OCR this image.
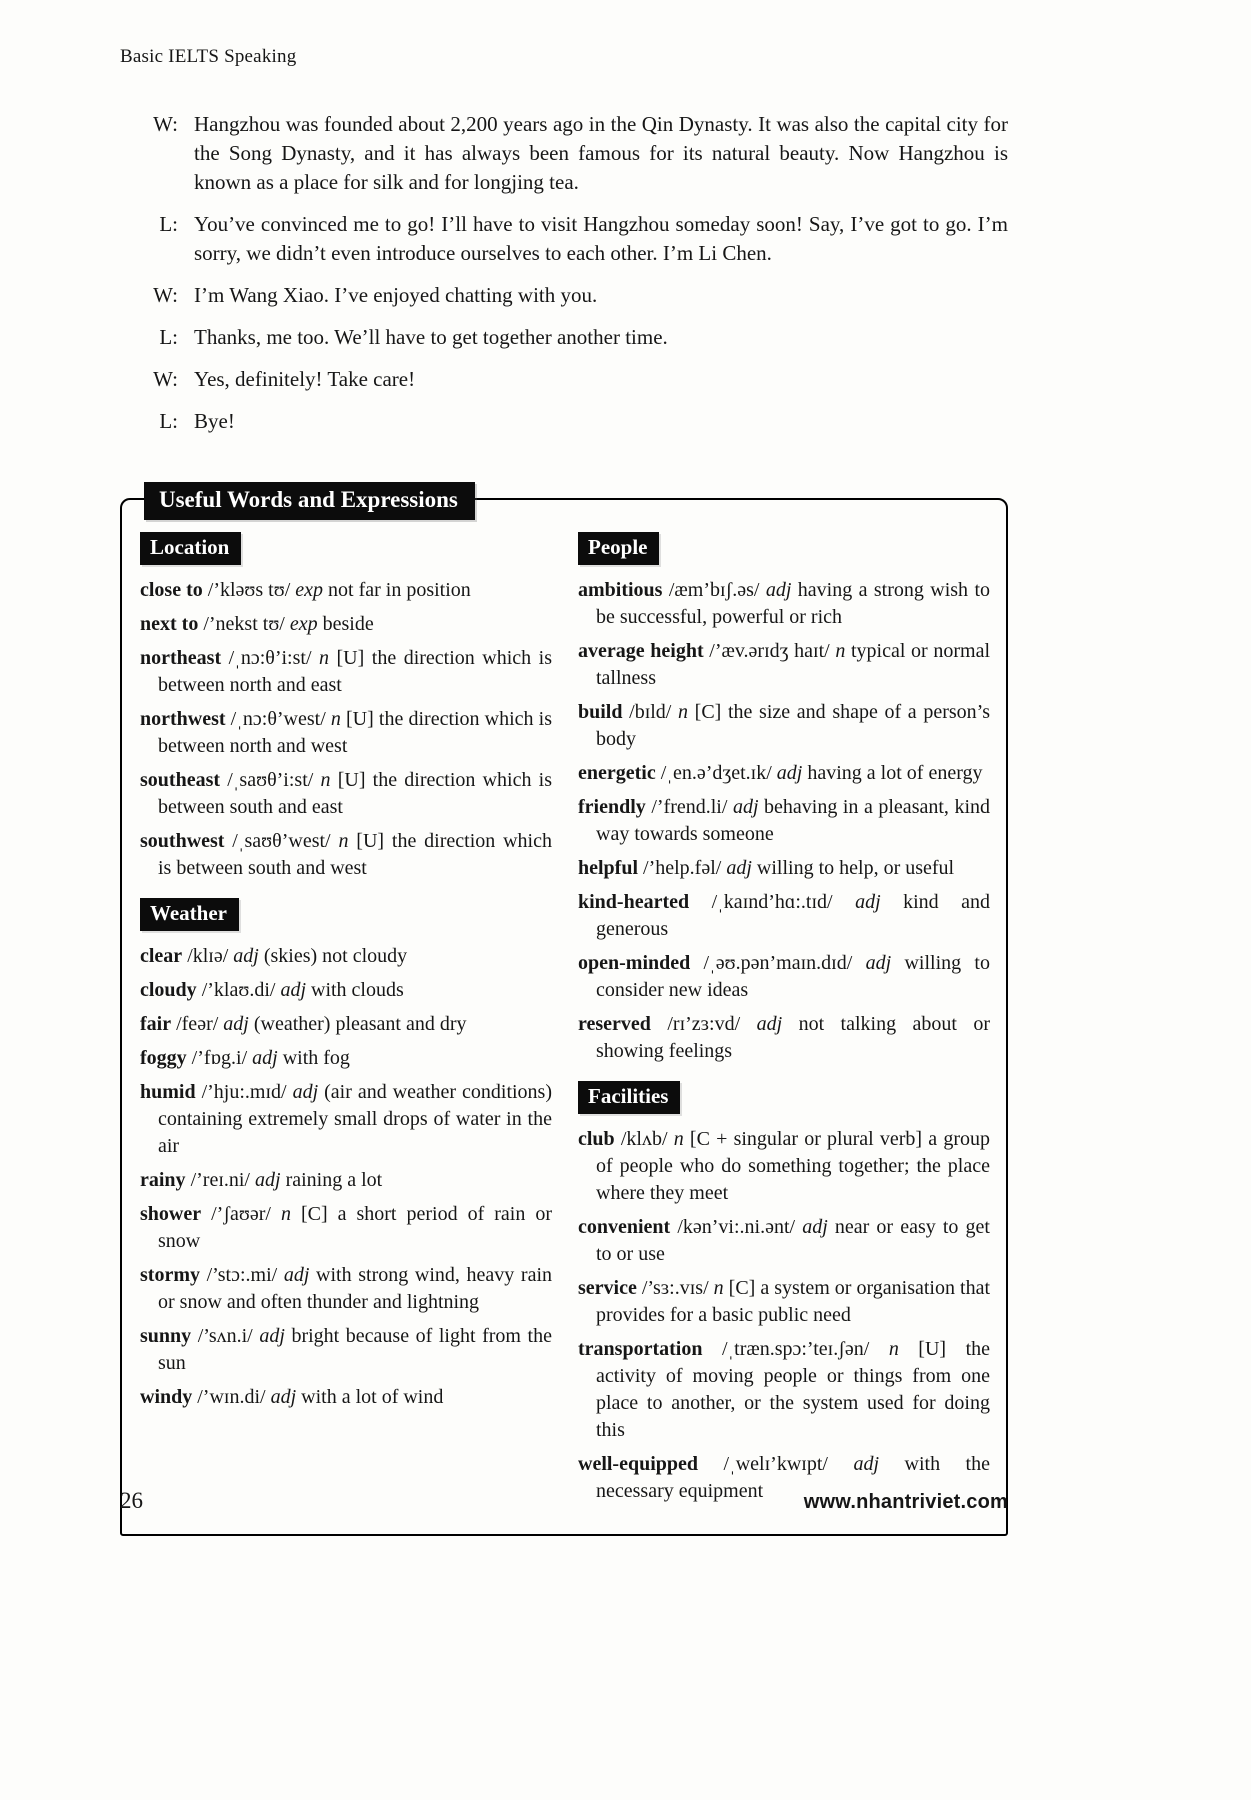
Basic IELTS Speaking
W: Hangzhou was founded about 2,200 years ago in the Qin Dynasty. It was also the capital city for the Song Dynasty, and it has always been famous for its natural beauty. Now Hangzhou is known as a place for silk and for longjing tea.
L: You’ve convinced me to go! I’ll have to visit Hangzhou someday soon! Say, I’ve got to go. I’m sorry, we didn’t even introduce ourselves to each other. I’m Li Chen.
W: I’m Wang Xiao. I’ve enjoyed chatting with you.
L: Thanks, me too. We’ll have to get together another time.
W: Yes, definitely! Take care!
L: Bye!
Useful Words and Expressions
Location
close to /’kləʊs tʊ/ exp not far in position
next to /’nekst tʊ/ exp beside
northeast /ˌnɔ:θ’i:st/ n [U] the direction which is between north and east
northwest /ˌnɔ:θ’west/ n [U] the direction which is between north and west
southeast /ˌsaʊθ’i:st/ n [U] the direction which is between south and east
southwest /ˌsaʊθ’west/ n [U] the direction which is between south and west
Weather
clear /klɪə/ adj (skies) not cloudy
cloudy /’klaʊ.di/ adj with clouds
fair /feər/ adj (weather) pleasant and dry
foggy /’fɒg.i/ adj with fog
humid /’hju:.mɪd/ adj (air and weather conditions) containing extremely small drops of water in the air
rainy /’reɪ.ni/ adj raining a lot
shower /’ʃaʊər/ n [C] a short period of rain or snow
stormy /’stɔ:.mi/ adj with strong wind, heavy rain or snow and often thunder and lightning
sunny /’sʌn.i/ adj bright because of light from the sun
windy /’wɪn.di/ adj with a lot of wind
People
ambitious /æm’bɪʃ.əs/ adj having a strong wish to be successful, powerful or rich
average height /’æv.ərɪdʒ haɪt/ n typical or normal tallness
build /bɪld/ n [C] the size and shape of a person’s body
energetic /ˌen.ə’dʒet.ɪk/ adj having a lot of energy
friendly /’frend.li/ adj behaving in a pleasant, kind way towards someone
helpful /’help.fəl/ adj willing to help, or useful
kind-hearted /ˌkaɪnd’hɑ:.tɪd/ adj kind and generous
open-minded /ˌəʊ.pən’maɪn.dɪd/ adj willing to consider new ideas
reserved /rɪ’zɜ:vd/ adj not talking about or showing feelings
Facilities
club /klʌb/ n [C + singular or plural verb] a group of people who do something together; the place where they meet
convenient /kən’vi:.ni.ənt/ adj near or easy to get to or use
service /’sɜ:.vɪs/ n [C] a system or organisation that provides for a basic public need
transportation /ˌtræn.spɔ:’teɪ.ʃən/ n [U] the activity of moving people or things from one place to another, or the system used for doing this
well-equipped /ˌwelɪ’kwɪpt/ adj with the necessary equipment
26	www.nhantriviet.com
